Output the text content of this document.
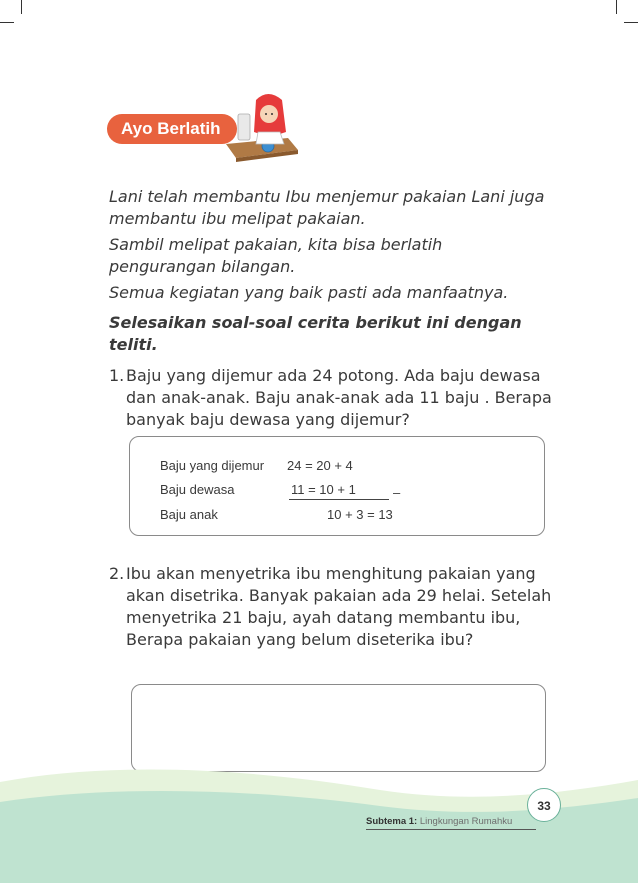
Ayo Berlatih

Lani telah membantu Ibu menjemur pakaian Lani juga membantu ibu melipat pakaian.

Sambil melipat pakaian, kita bisa berlatih pengurangan bilangan.

Semua kegiatan yang baik pasti ada manfaatnya.

Selesaikan soal-soal cerita berikut ini dengan teliti.

1. Baju yang dijemur ada 24 potong. Ada baju dewasa dan anak-anak. Baju anak-anak ada 11 baju . Berapa banyak baju dewasa yang dijemur?
Baju yang dijemur
Baju dewasa
Baju anak
24 = 20 + 4
11 = 10 + 1	–
10 + 3 = 13
2. Ibu akan menyetrika ibu menghitung pakaian yang akan disetrika. Banyak pakaian ada 29 helai. Setelah menyetrika 21 baju, ayah datang membantu ibu, Berapa pakaian yang belum diseterika ibu?
Subtema 1: Lingkungan Rumahku
33
